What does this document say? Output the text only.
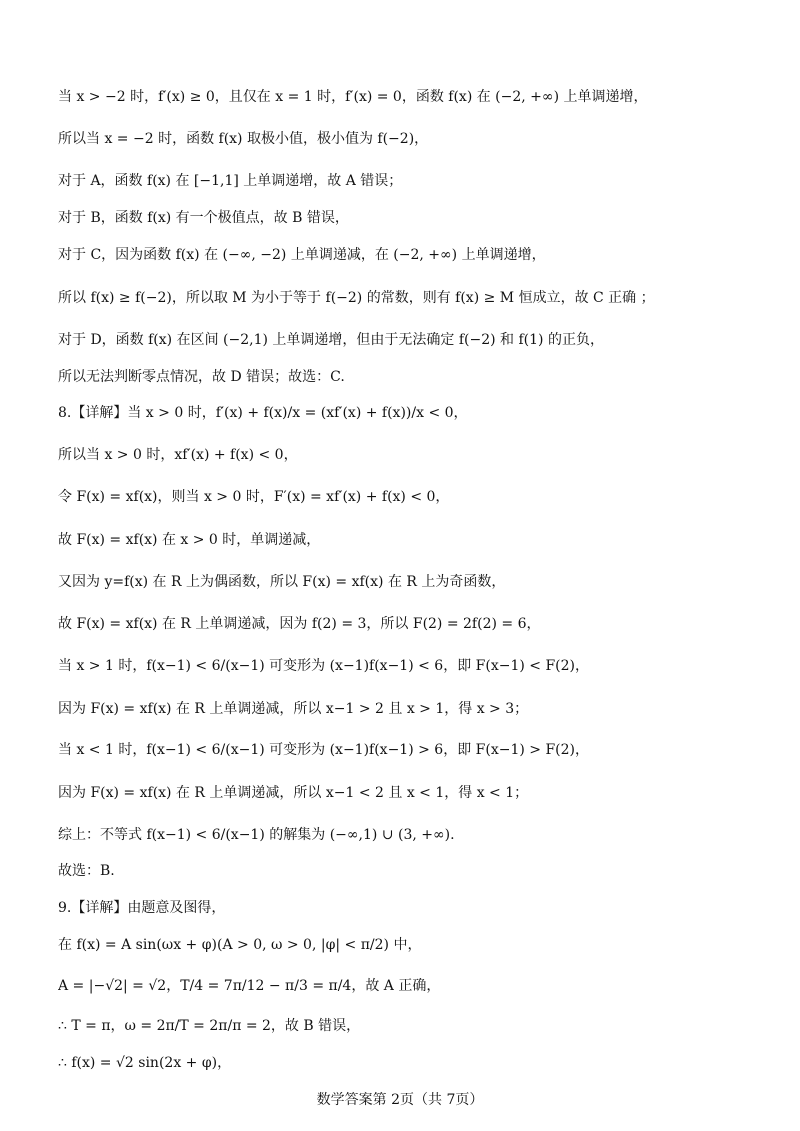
当 x > −2 时，f′(x) ≥ 0，且仅在 x = 1 时，f′(x) = 0，函数 f(x) 在 (−2, +∞) 上单调递增，
所以当 x = −2 时，函数 f(x) 取极小值，极小值为 f(−2)，
对于 A，函数 f(x) 在 [−1,1] 上单调递增，故 A 错误；
对于 B，函数 f(x) 有一个极值点，故 B 错误，
对于 C，因为函数 f(x) 在 (−∞, −2) 上单调递减，在 (−2, +∞) 上单调递增，
所以 f(x) ≥ f(−2)，所以取 M 为小于等于 f(−2) 的常数，则有 f(x) ≥ M 恒成立，故 C 正确 ；
对于 D，函数 f(x) 在区间 (−2,1) 上单调递增，但由于无法确定 f(−2) 和 f(1) 的正负，
所以无法判断零点情况，故 D 错误；故选：C.
8.【详解】当 x > 0 时，f′(x) + f(x)/x = (xf′(x) + f(x))/x < 0，
所以当 x > 0 时，xf′(x) + f(x) < 0，
令 F(x) = xf(x)，则当 x > 0 时，F′(x) = xf′(x) + f(x) < 0，
故 F(x) = xf(x) 在 x > 0 时，单调递减，
又因为 y=f(x) 在 R 上为偶函数，所以 F(x) = xf(x) 在 R 上为奇函数，
故 F(x) = xf(x) 在 R 上单调递减，因为 f(2) = 3，所以 F(2) = 2f(2) = 6，
当 x > 1 时，f(x−1) < 6/(x−1) 可变形为 (x−1)f(x−1) < 6，即 F(x−1) < F(2)，
因为 F(x) = xf(x) 在 R 上单调递减，所以 x−1 > 2 且 x > 1，得 x > 3；
当 x < 1 时，f(x−1) < 6/(x−1) 可变形为 (x−1)f(x−1) > 6，即 F(x−1) > F(2)，
因为 F(x) = xf(x) 在 R 上单调递减，所以 x−1 < 2 且 x < 1，得 x < 1；
综上：不等式 f(x−1) < 6/(x−1) 的解集为 (−∞,1) ∪ (3, +∞).
故选：B.
9.【详解】由题意及图得，
在 f(x) = A sin(ωx + φ)(A > 0, ω > 0, |φ| < π/2) 中，
A = |−√2| = √2，T/4 = 7π/12 − π/3 = π/4，故 A 正确，
∴ T = π，ω = 2π/T = 2π/π = 2，故 B 错误，
∴ f(x) = √2 sin(2x + φ)，
数学答案第 2页（共 7页）
